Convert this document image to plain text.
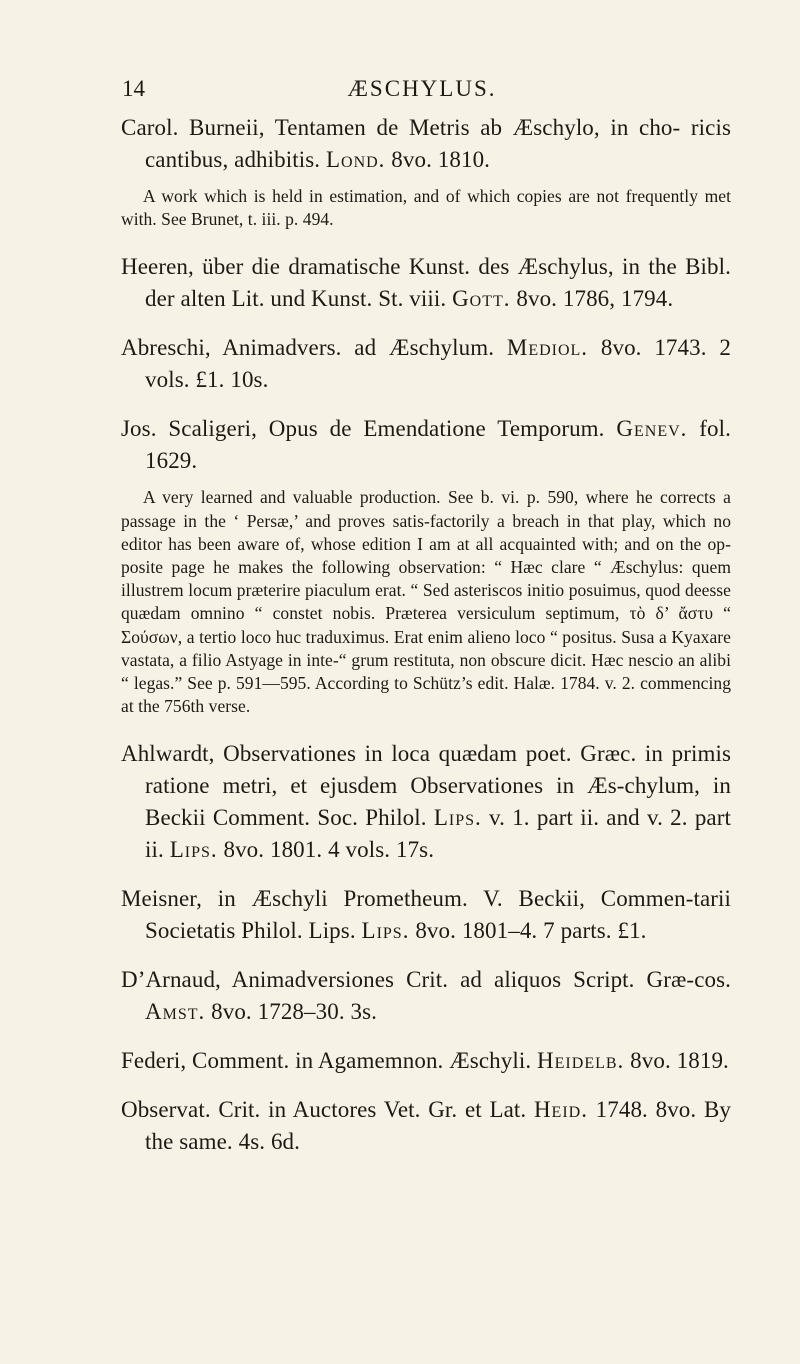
14	ÆSCHYLUS.

Carol. Burneii, Tentamen de Metris ab Æschylo, in cho- ricis cantibus, adhibitis. Lond. 8vo. 1810.

A work which is held in estimation, and of which copies are not frequently met with. See Brunet, t. iii. p. 494.

Heeren, über die dramatische Kunst. des Æschylus, in the Bibl. der alten Lit. und Kunst. St. viii. Gott. 8vo. 1786, 1794.

Abreschi, Animadvers. ad Æschylum. Mediol. 8vo. 1743. 2 vols. £1. 10s.

Jos. Scaligeri, Opus de Emendatione Temporum. Genev. fol. 1629.

A very learned and valuable production. See b. vi. p. 590, where he corrects a passage in the ‘ Persæ,’ and proves satis-factorily a breach in that play, which no editor has been aware of, whose edition I am at all acquainted with; and on the op-posite page he makes the following observation: “ Hæc clare “ Æschylus: quem illustrem locum præterire piaculum erat. “ Sed asteriscos initio posuimus, quod deesse quædam omnino “ constet nobis. Præterea versiculum septimum, τὸ δ’ ἄστυ “ Σούσων, a tertio loco huc traduximus. Erat enim alieno loco “ positus. Susa a Kyaxare vastata, a filio Astyage in inte-“ grum restituta, non obscure dicit. Hæc nescio an alibi “ legas.” See p. 591—595. According to Schütz’s edit. Halæ. 1784. v. 2. commencing at the 756th verse.

Ahlwardt, Observationes in loca quædam poet. Græc. in primis ratione metri, et ejusdem Observationes in Æs-chylum, in Beckii Comment. Soc. Philol. Lips. v. 1. part ii. and v. 2. part ii. Lips. 8vo. 1801. 4 vols. 17s.

Meisner, in Æschyli Prometheum. V. Beckii, Commen-tarii Societatis Philol. Lips. Lips. 8vo. 1801–4. 7 parts. £1.

D’Arnaud, Animadversiones Crit. ad aliquos Script. Græ-cos. Amst. 8vo. 1728–30. 3s.

Federi, Comment. in Agamemnon. Æschyli. Heidelb. 8vo. 1819.

Observat. Crit. in Auctores Vet. Gr. et Lat. Heid. 1748. 8vo. By the same. 4s. 6d.
